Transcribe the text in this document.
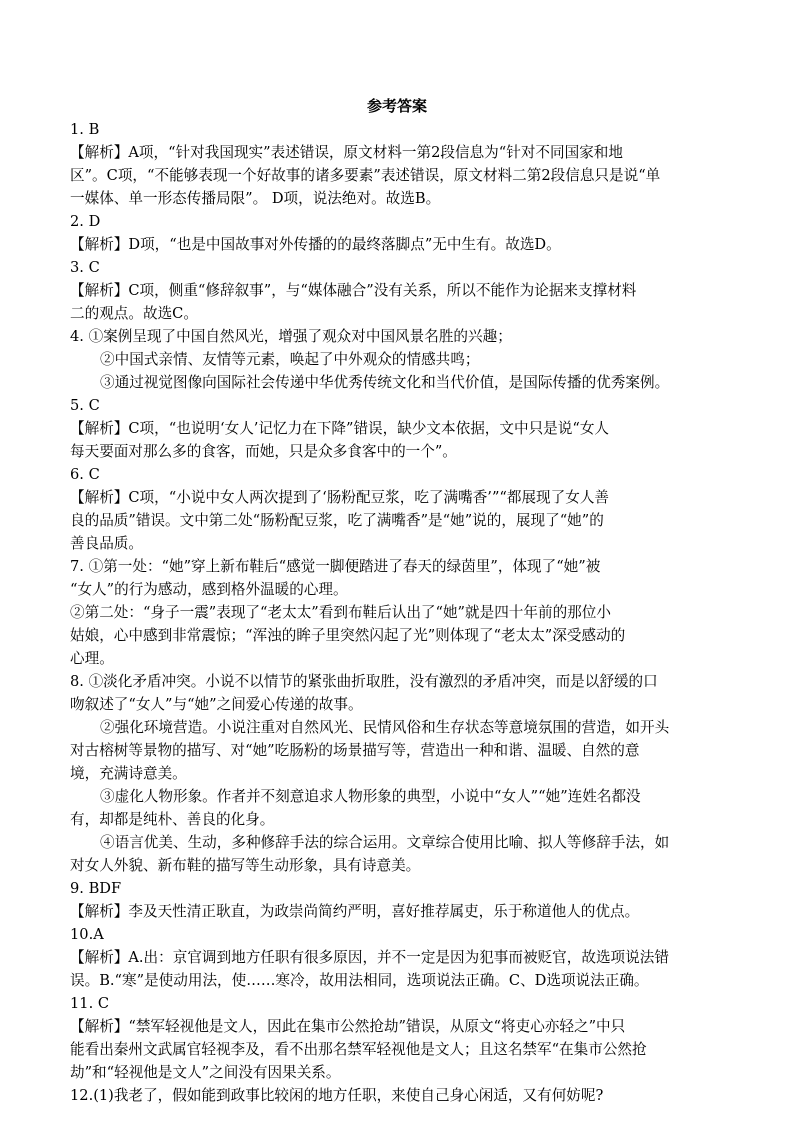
参考答案
1. B
【解析】A项，“针对我国现实”表述错误，原文材料一第2段信息为“针对不同国家和地
区”。C项，“不能够表现一个好故事的诸多要素”表述错误，原文材料二第2段信息只是说“单
一媒体、单一形态传播局限”。 D项，说法绝对。故选B。
2. D
【解析】D项，“也是中国故事对外传播的的最终落脚点”无中生有。故选D。
3. C
【解析】C项，侧重“修辞叙事”，与“媒体融合”没有关系，所以不能作为论据来支撑材料
二的观点。故选C。
4. ①案例呈现了中国自然风光，增强了观众对中国风景名胜的兴趣；
②中国式亲情、友情等元素，唤起了中外观众的情感共鸣；
③通过视觉图像向国际社会传递中华优秀传统文化和当代价值，是国际传播的优秀案例。
5. C
【解析】C项，“也说明‘女人’记忆力在下降”错误，缺少文本依据，文中只是说“女人
每天要面对那么多的食客，而她，只是众多食客中的一个”。
6. C
【解析】C项，“小说中女人两次提到了‘肠粉配豆浆，吃了满嘴香’”“都展现了女人善
良的品质”错误。文中第二处“肠粉配豆浆，吃了满嘴香”是“她”说的，展现了“她”的
善良品质。
7. ①第一处：“她”穿上新布鞋后“感觉一脚便踏进了春天的绿茵里”，体现了“她”被
“女人”的行为感动，感到格外温暖的心理。
②第二处：“身子一震”表现了“老太太”看到布鞋后认出了“她”就是四十年前的那位小
姑娘，心中感到非常震惊；“浑浊的眸子里突然闪起了光”则体现了“老太太”深受感动的
心理。
8. ①淡化矛盾冲突。小说不以情节的紧张曲折取胜，没有激烈的矛盾冲突，而是以舒缓的口
吻叙述了“女人”与“她”之间爱心传递的故事。
②强化环境营造。小说注重对自然风光、民情风俗和生存状态等意境氛围的营造，如开头
对古榕树等景物的描写、对“她”吃肠粉的场景描写等，营造出一种和谐、温暖、自然的意
境，充满诗意美。
③虚化人物形象。作者并不刻意追求人物形象的典型，小说中“女人”“她”连姓名都没
有，却都是纯朴、善良的化身。
④语言优美、生动，多种修辞手法的综合运用。文章综合使用比喻、拟人等修辞手法，如
对女人外貌、新布鞋的描写等生动形象，具有诗意美。
9. BDF
【解析】李及天性清正耿直，为政崇尚简约严明，喜好推荐属吏，乐于称道他人的优点。
10.A
【解析】A.出：京官调到地方任职有很多原因，并不一定是因为犯事而被贬官，故选项说法错
误。B.“寒”是使动用法，使……寒冷，故用法相同，选项说法正确。C、D选项说法正确。
11. C
【解析】“禁军轻视他是文人，因此在集市公然抢劫”错误，从原文“将吏心亦轻之”中只
能看出秦州文武属官轻视李及，看不出那名禁军轻视他是文人；且这名禁军“在集市公然抢
劫”和“轻视他是文人”之间没有因果关系。
12.(1)我老了，假如能到政事比较闲的地方任职，来使自己身心闲适，又有何妨呢?
